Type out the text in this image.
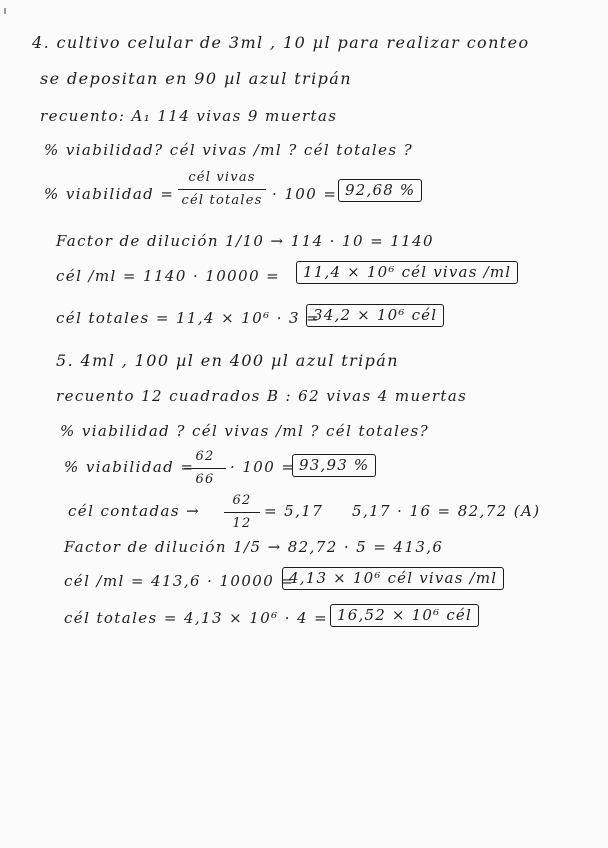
4. cultivo celular de 3ml , 10 µl para realizar conteo
se depositan en 90 µl azul tripán
recuento: A₁ 114 vivas 9 muertas
% viabilidad? cél vivas /ml ? cél totales ?
% viabilidad =
cél vivas
cél totales · 100 = 92,68 %
Factor de dilución 1/10 → 114 · 10 = 1140
cél /ml = 1140 · 10000 =	11,4 × 10⁶ cél vivas /ml
cél totales = 11,4 × 10⁶ · 3 =
34,2 × 10⁶ cél
5. 4ml , 100 µl en 400 µl azul tripán
recuento 12 cuadrados B : 62 vivas 4 muertas
% viabilidad ? cél vivas /ml ? cél totales?
% viabilidad =
62
66
· 100 = 93,93 %
cél contadas →
62
12
= 5,17 5,17 · 16 = 82,72 (A)
Factor de dilución 1/5 → 82,72 · 5 = 413,6
cél /ml = 413,6 · 10000 =
4,13 × 10⁶ cél vivas /ml
cél totales = 4,13 × 10⁶ · 4 = 16,52 × 10⁶ cél
